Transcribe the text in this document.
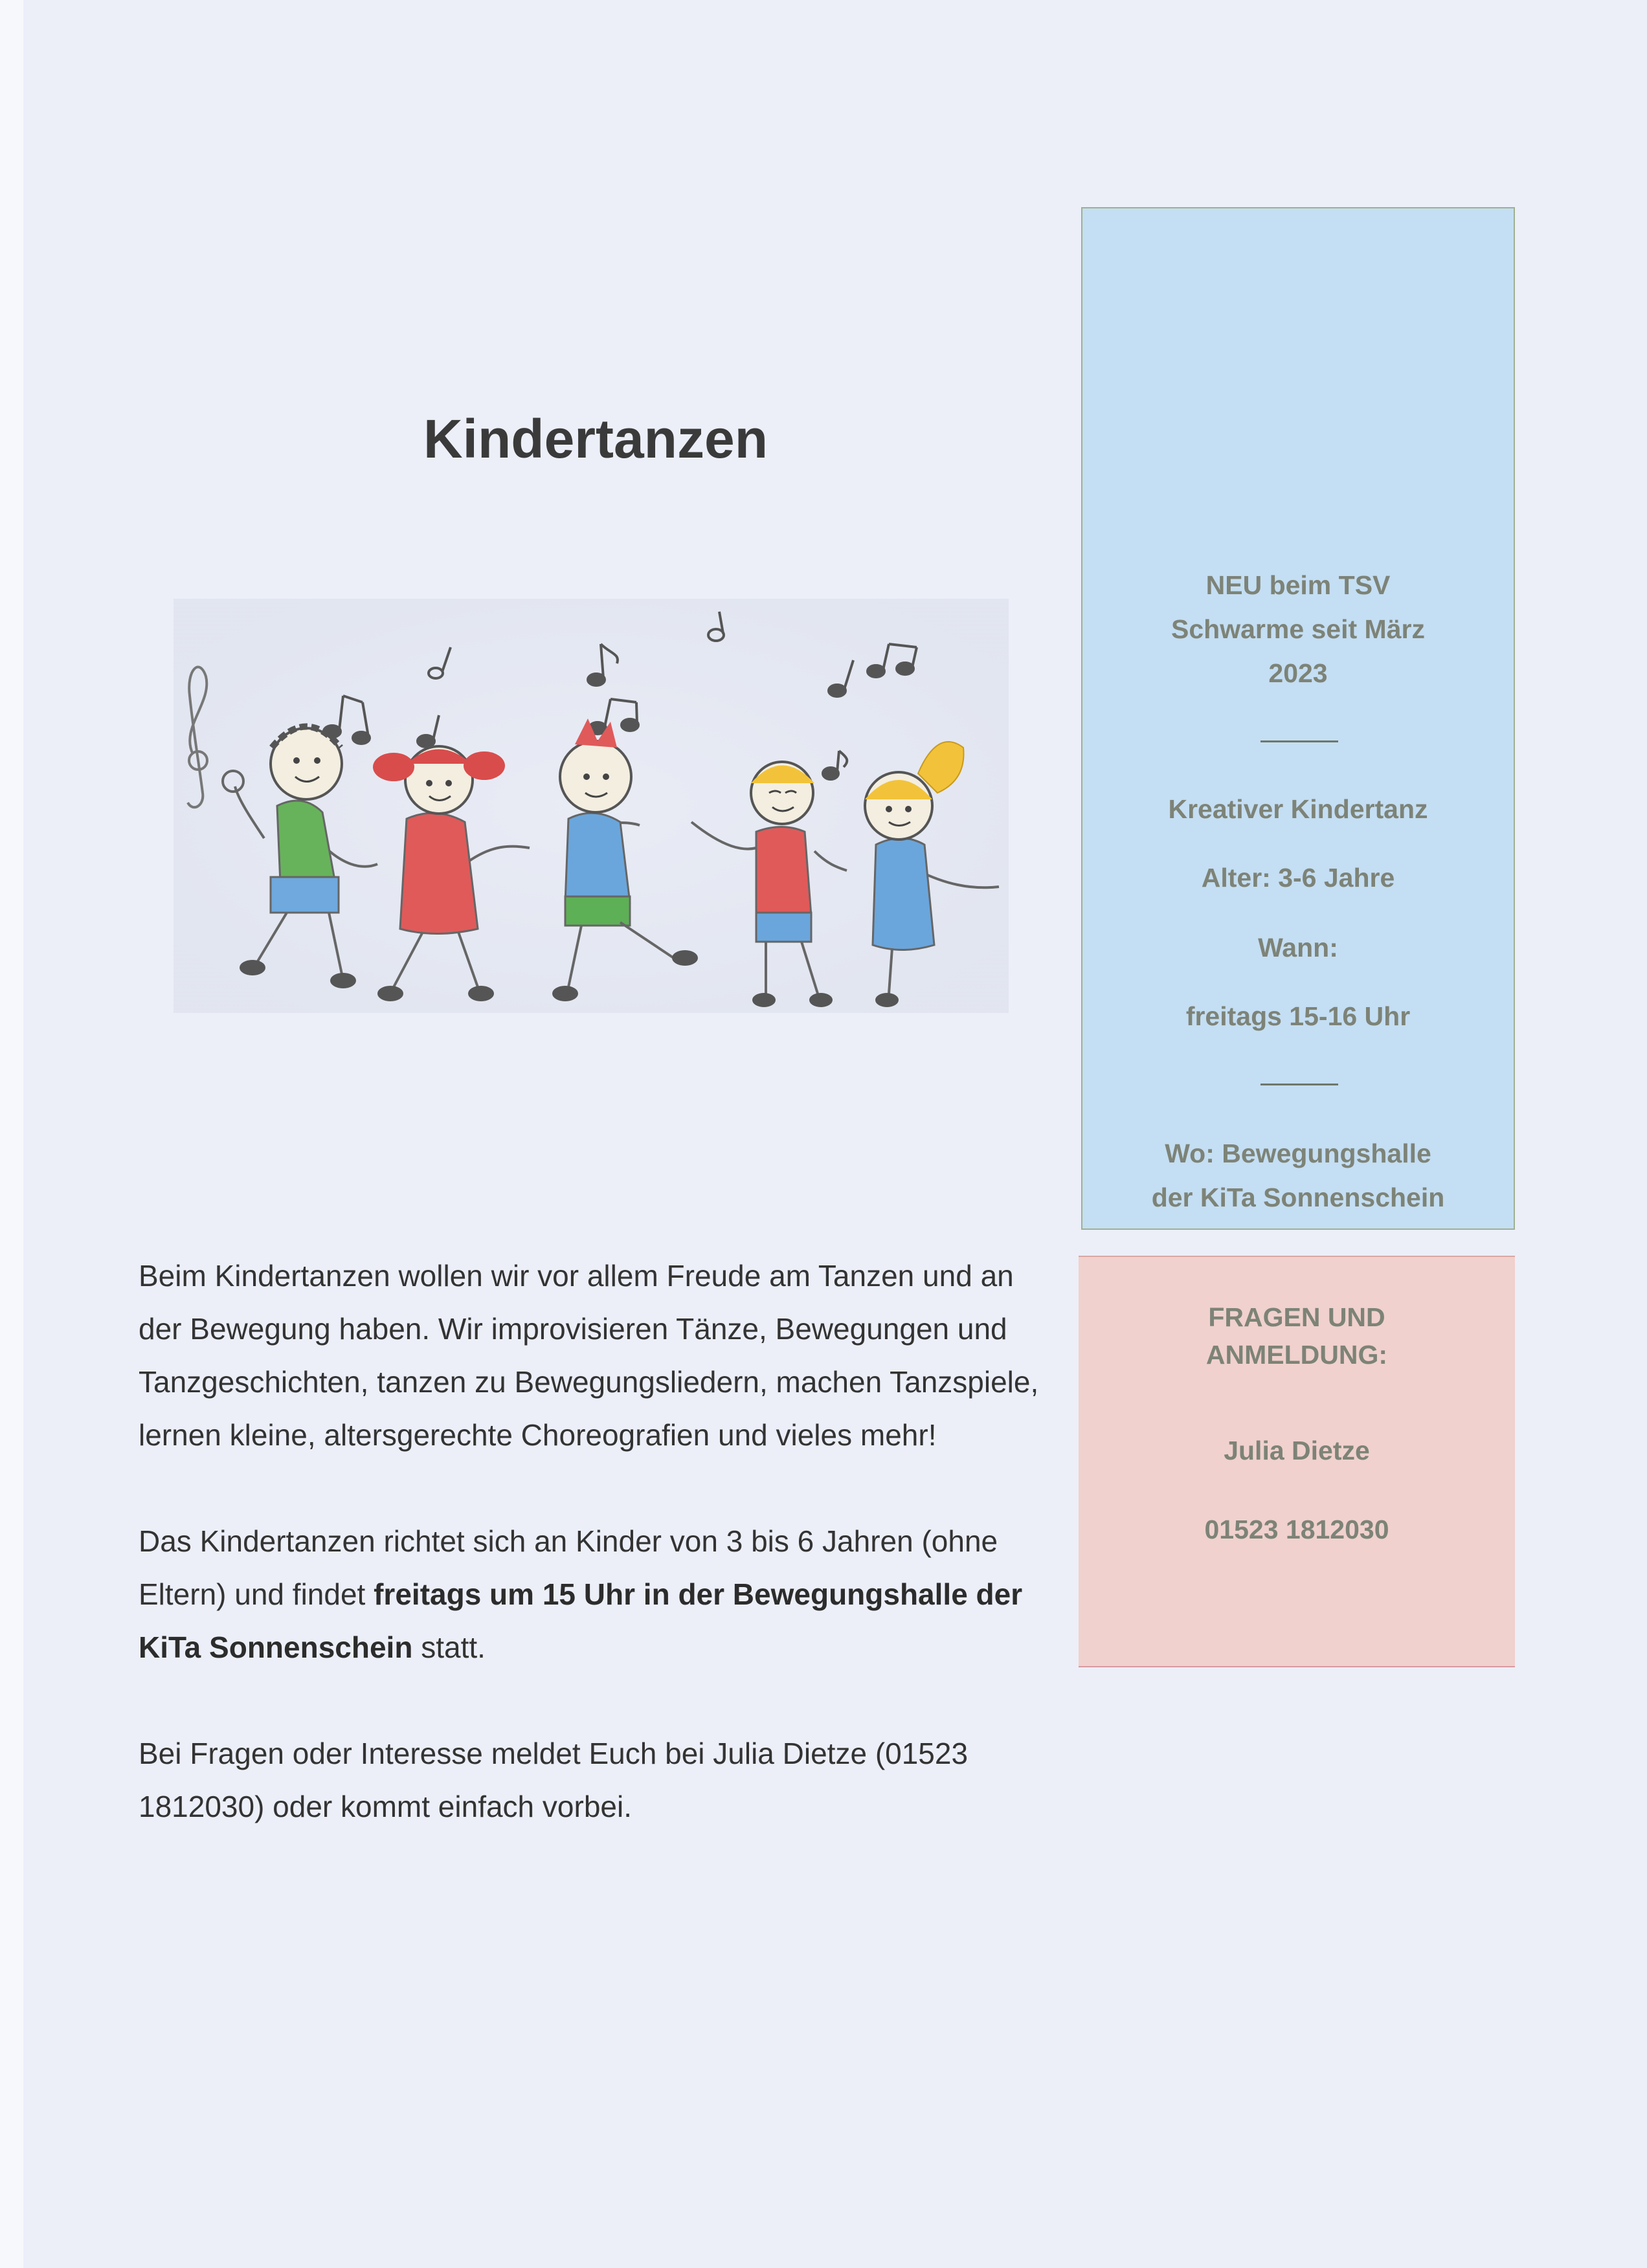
Kindertanzen

Beim Kindertanzen wollen wir vor allem Freude am Tanzen und an der Bewegung haben. Wir improvisieren Tänze, Bewegungen und Tanzgeschichten, tanzen zu Bewegungsliedern, machen Tanzspiele, lernen kleine, altersgerechte Choreografien und vieles mehr!

Das Kindertanzen richtet sich an Kinder von 3 bis 6 Jahren (ohne Eltern) und findet freitags um 15 Uhr in der Bewegungshalle der KiTa Sonnenschein statt.

Bei Fragen oder Interesse meldet Euch bei Julia Dietze (01523 1812030) oder kommt einfach vorbei.

NEU beim TSV
Schwarme seit März
2023
Kreativer Kindertanz
Alter: 3-6 Jahre
Wann:
freitags 15-16 Uhr
Wo: Bewegungshalle
der KiTa Sonnenschein
FRAGEN UND
ANMELDUNG:
Julia Dietze
01523 1812030
